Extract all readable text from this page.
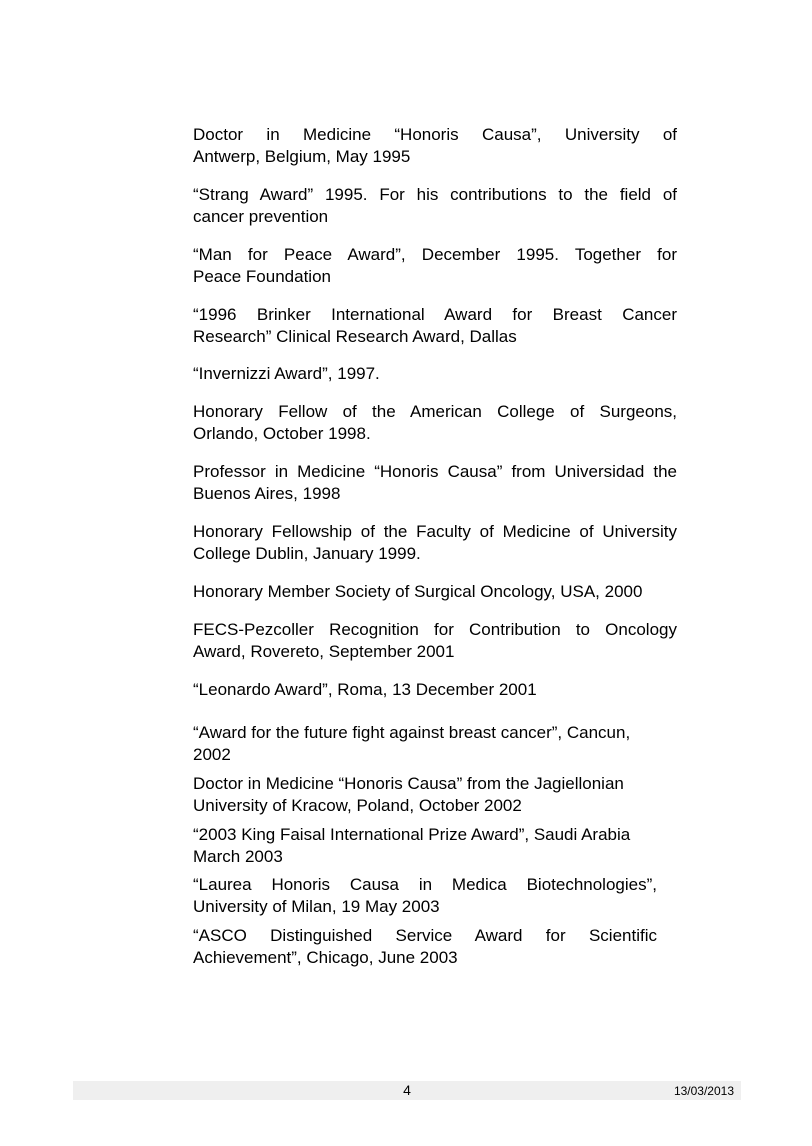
Doctor in Medicine “Honoris Causa”, University of
Antwerp, Belgium, May 1995

“Strang Award” 1995. For his contributions to the field of
cancer prevention

“Man for Peace Award”, December 1995. Together for
Peace Foundation

“1996 Brinker International Award for Breast Cancer
Research” Clinical Research Award, Dallas

“Invernizzi Award”, 1997.

Honorary Fellow of the American College of Surgeons,
Orlando, October 1998.

Professor in Medicine “Honoris Causa” from Universidad the
Buenos Aires, 1998

Honorary Fellowship of the Faculty of Medicine of University
College Dublin, January 1999.

Honorary Member Society of Surgical Oncology, USA, 2000

FECS-Pezcoller Recognition for Contribution to Oncology
Award, Rovereto, September 2001

“Leonardo Award”, Roma, 13 December 2001

“Award for the future fight against breast cancer”, Cancun,
2002

Doctor in Medicine “Honoris Causa” from the Jagiellonian
University of Kracow, Poland, October 2002

“2003 King Faisal International Prize Award”, Saudi Arabia
March 2003

“Laurea Honoris Causa in Medica Biotechnologies”,
University of Milan, 19 May 2003

“ASCO Distinguished Service Award for Scientific
Achievement”, Chicago, June 2003

4	13/03/2013
